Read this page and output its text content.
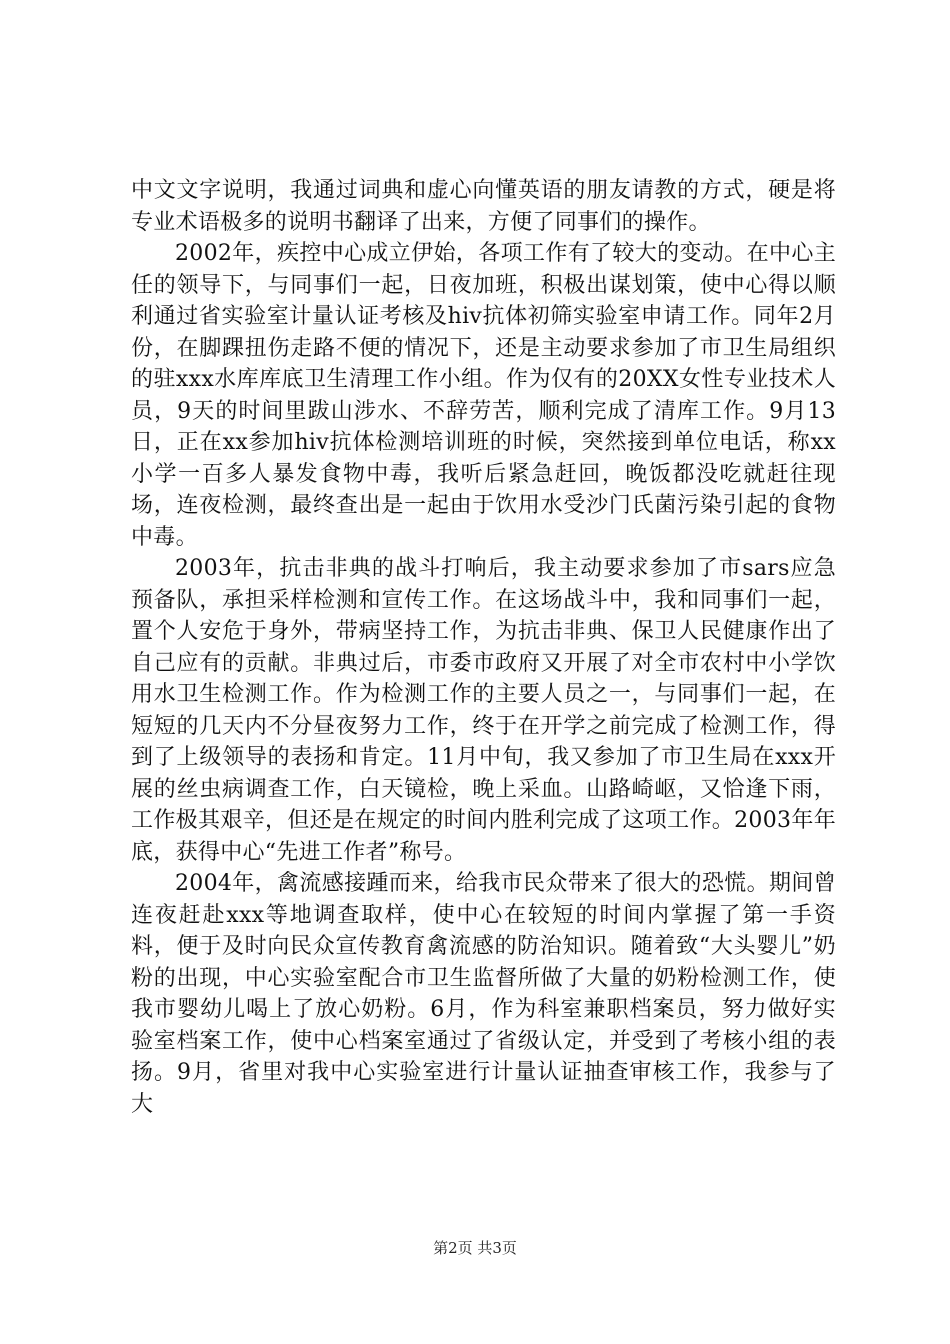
中文文字说明，我通过词典和虚心向懂英语的朋友请教的方式，硬是将专业术语极多的说明书翻译了出来，方便了同事们的操作。

2002年，疾控中心成立伊始，各项工作有了较大的变动。在中心主任的领导下，与同事们一起，日夜加班，积极出谋划策，使中心得以顺利通过省实验室计量认证考核及hiv抗体初筛实验室申请工作。同年2月份，在脚踝扭伤走路不便的情况下，还是主动要求参加了市卫生局组织的驻xxx水库库底卫生清理工作小组。作为仅有的20XX女性专业技术人员，9天的时间里跋山涉水、不辞劳苦，顺利完成了清库工作。9月13日，正在xx参加hiv抗体检测培训班的时候，突然接到单位电话，称xx小学一百多人暴发食物中毒，我听后紧急赶回，晚饭都没吃就赶往现场，连夜检测，最终查出是一起由于饮用水受沙门氏菌污染引起的食物中毒。

2003年，抗击非典的战斗打响后，我主动要求参加了市sars应急预备队，承担采样检测和宣传工作。在这场战斗中，我和同事们一起，置个人安危于身外，带病坚持工作，为抗击非典、保卫人民健康作出了自己应有的贡献。非典过后，市委市政府又开展了对全市农村中小学饮用水卫生检测工作。作为检测工作的主要人员之一，与同事们一起，在短短的几天内不分昼夜努力工作，终于在开学之前完成了检测工作，得到了上级领导的表扬和肯定。11月中旬，我又参加了市卫生局在xxx开展的丝虫病调查工作，白天镜检，晚上采血。山路崎岖，又恰逢下雨，工作极其艰辛，但还是在规定的时间内胜利完成了这项工作。2003年年底，获得中心“先进工作者”称号。

2004年，禽流感接踵而来，给我市民众带来了很大的恐慌。期间曾连夜赶赴xxx等地调查取样，使中心在较短的时间内掌握了第一手资料，便于及时向民众宣传教育禽流感的防治知识。随着致“大头婴儿”奶粉的出现，中心实验室配合市卫生监督所做了大量的奶粉检测工作，使我市婴幼儿喝上了放心奶粉。6月，作为科室兼职档案员，努力做好实验室档案工作，使中心档案室通过了省级认定，并受到了考核小组的表扬。9月，省里对我中心实验室进行计量认证抽查审核工作，我参与了大

第2页 共3页
